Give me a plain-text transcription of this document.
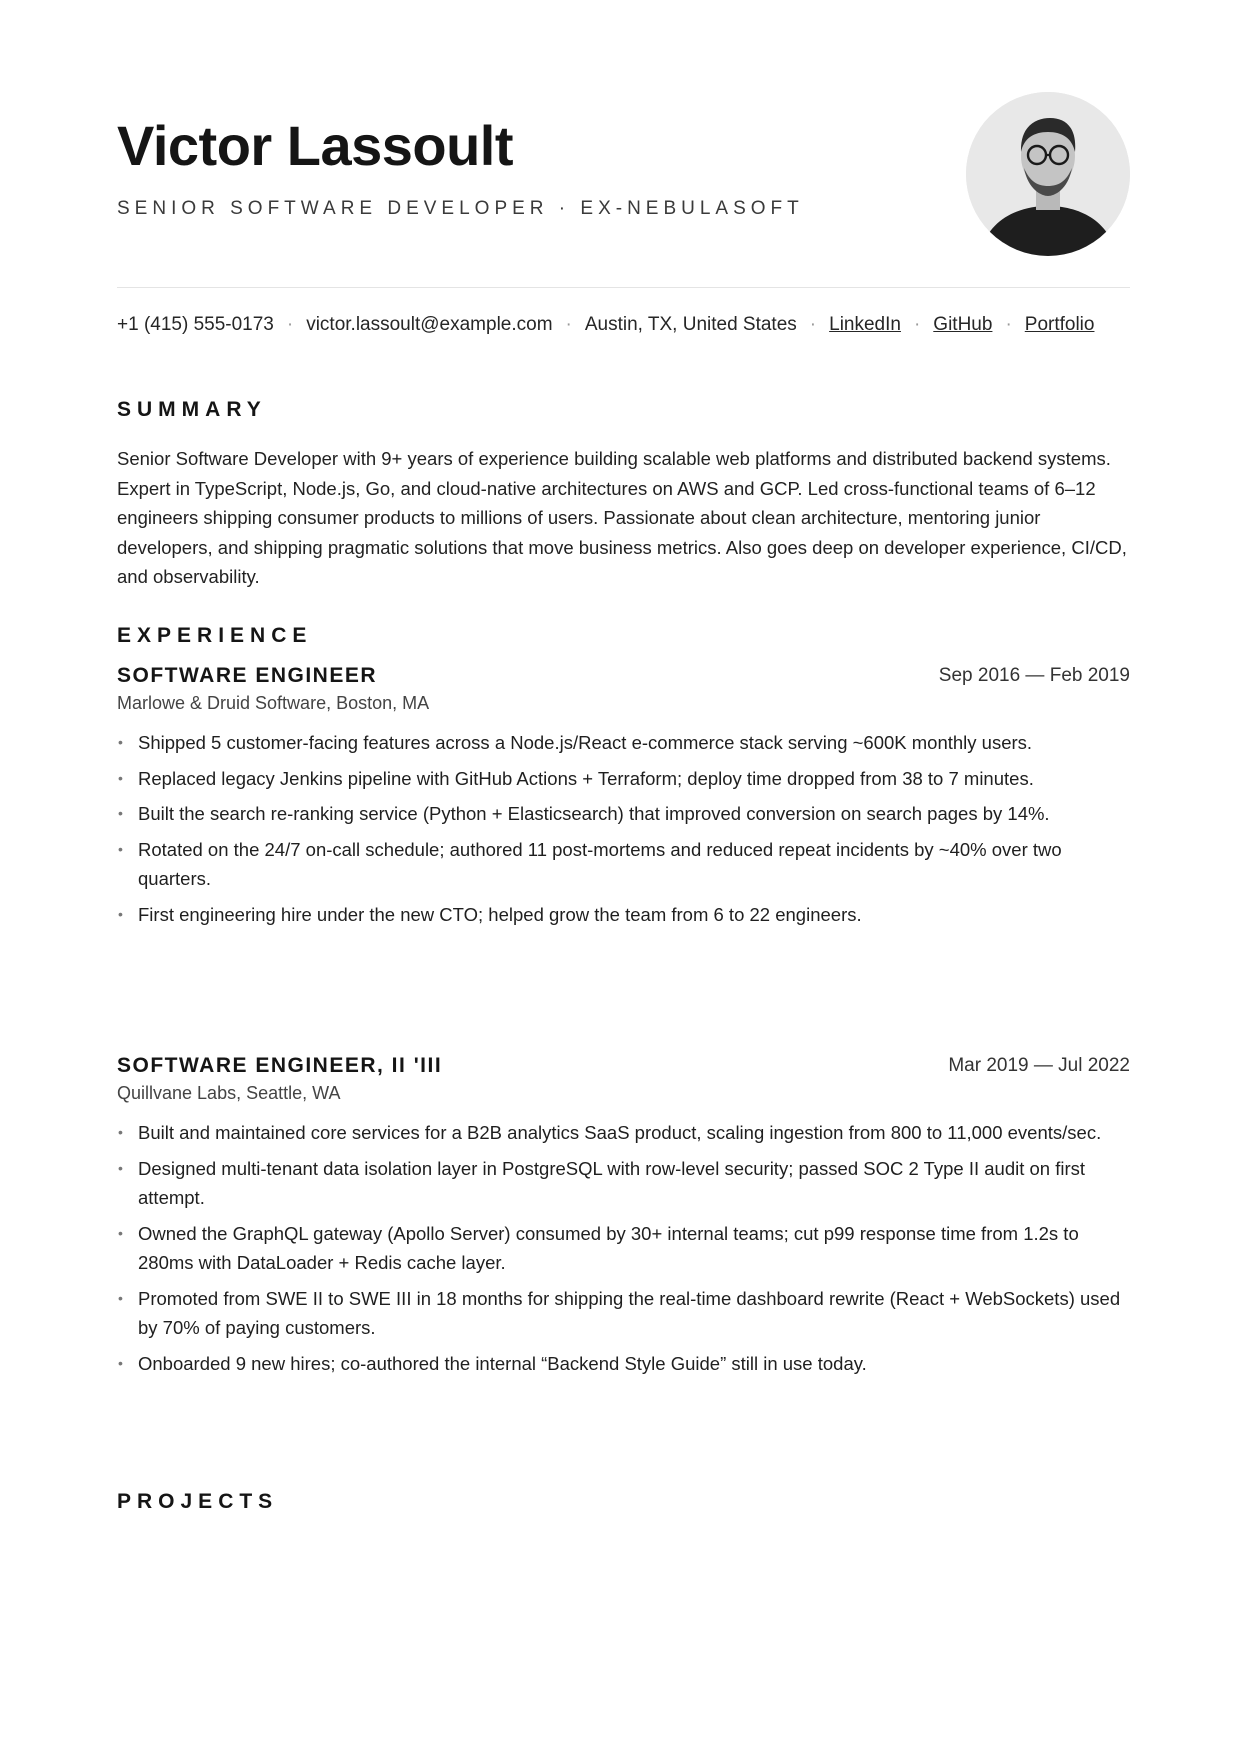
Victor Lassoult
SENIOR SOFTWARE DEVELOPER · EX-NEBULASOFT
+1 (415) 555-0173 · victor.lassoult@example.com · Austin, TX, United States · LinkedIn · GitHub · Portfolio
SUMMARY

Senior Software Developer with 9+ years of experience building scalable web platforms and distributed backend systems. Expert in TypeScript, Node.js, Go, and cloud-native architectures on AWS and GCP. Led cross-functional teams of 6–12 engineers shipping consumer products to millions of users. Passionate about clean architecture, mentoring junior developers, and shipping pragmatic solutions that move business metrics. Also goes deep on developer experience, CI/CD, and observability.

EXPERIENCE
SOFTWARE ENGINEER	Sep 2016 — Feb 2019
Marlowe & Druid Software, Boston, MA
• Shipped 5 customer-facing features across a Node.js/React e-commerce stack serving ~600K monthly users.
• Replaced legacy Jenkins pipeline with GitHub Actions + Terraform; deploy time dropped from 38 to 7 minutes.
• Built the search re-ranking service (Python + Elasticsearch) that improved conversion on search pages by 14%.
• Rotated on the 24/7 on-call schedule; authored 11 post-mortems and reduced repeat incidents by ~40% over two quarters.
• First engineering hire under the new CTO; helped grow the team from 6 to 22 engineers.
SOFTWARE ENGINEER, II 'III	Mar 2019 — Jul 2022
Quillvane Labs, Seattle, WA
• Built and maintained core services for a B2B analytics SaaS product, scaling ingestion from 800 to 11,000 events/sec.
• Designed multi-tenant data isolation layer in PostgreSQL with row-level security; passed SOC 2 Type II audit on first attempt.
• Owned the GraphQL gateway (Apollo Server) consumed by 30+ internal teams; cut p99 response time from 1.2s to 280ms with DataLoader + Redis cache layer.
• Promoted from SWE II to SWE III in 18 months for shipping the real-time dashboard rewrite (React + WebSockets) used by 70% of paying customers.
• Onboarded 9 new hires; co-authored the internal “Backend Style Guide” still in use today.
PROJECTS
